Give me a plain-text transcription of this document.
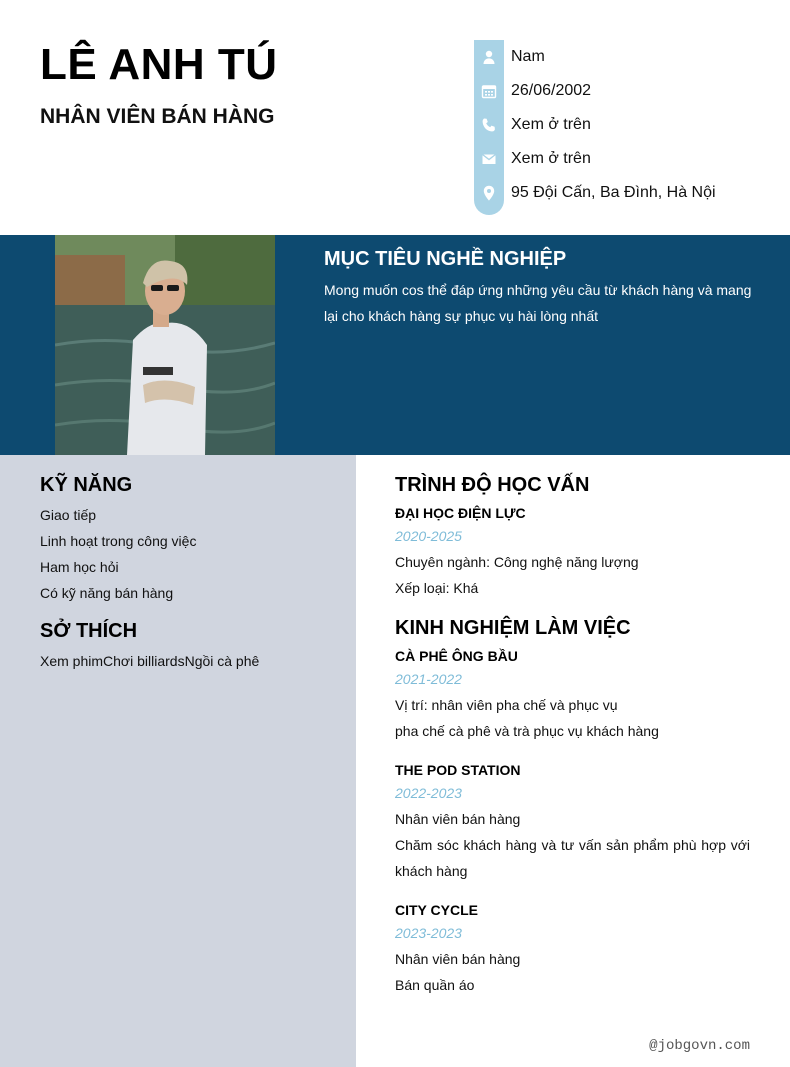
LÊ ANH TÚ
NHÂN VIÊN BÁN HÀNG
Nam
26/06/2002
Xem ở trên
Xem ở trên
95 Đội Cấn, Ba Đình, Hà Nội
MỤC TIÊU NGHỀ NGHIỆP
Mong muốn cos thể đáp ứng những yêu cầu từ khách hàng và mang lại cho khách hàng sự phục vụ hài lòng nhất
KỸ NĂNG
Giao tiếp
Linh hoạt trong công việc
Ham học hỏi
Có kỹ năng bán hàng
SỞ THÍCH
Xem phimChơi billiardsNgồi cà phê
TRÌNH ĐỘ HỌC VẤN
ĐẠI HỌC ĐIỆN LỰC
2020-2025
Chuyên ngành: Công nghệ năng lượng
Xếp loại: Khá
KINH NGHIỆM LÀM VIỆC
CÀ PHÊ ÔNG BẦU
2021-2022
Vị trí: nhân viên pha chế và phục vụ
pha chế cà phê và trà phục vụ khách hàng
THE POD STATION
2022-2023
Nhân viên bán hàng
Chăm sóc khách hàng và tư vấn sản phẩm phù hợp với khách hàng
CITY CYCLE
2023-2023
Nhân viên bán hàng
Bán quần áo
@jobgovn.com
